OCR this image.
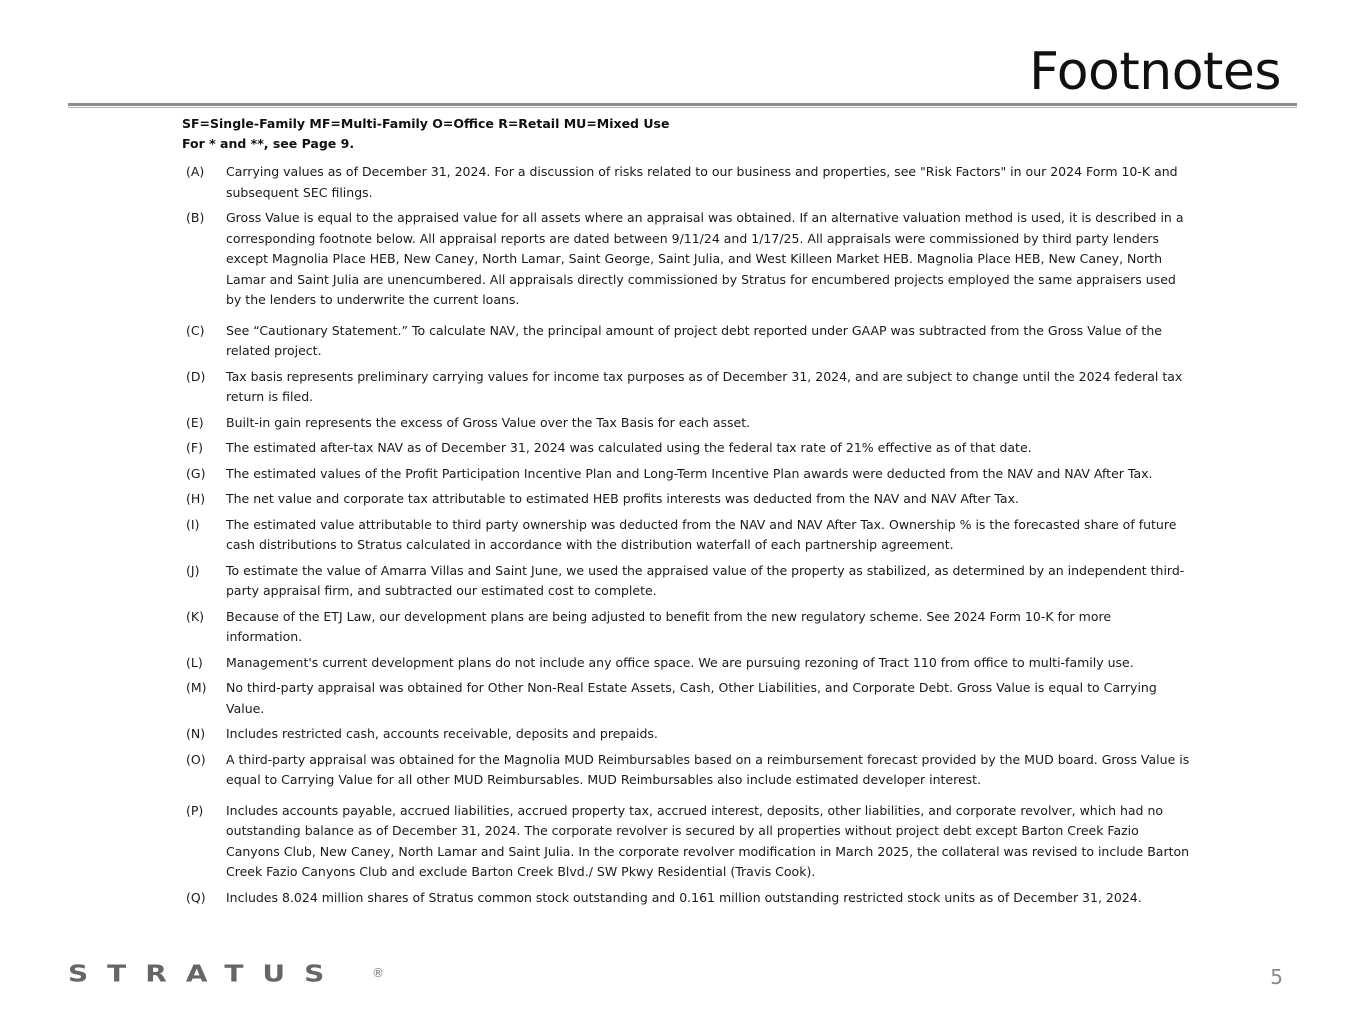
Footnotes
SF=Single-Family MF=Multi-Family O=Office R=Retail MU=Mixed Use
For * and **, see Page 9.
(A)	Carrying values as of December 31, 2024. For a discussion of risks related to our business and properties, see "Risk Factors" in our 2024 Form 10-K and subsequent SEC filings.
(B)	Gross Value is equal to the appraised value for all assets where an appraisal was obtained. If an alternative valuation method is used, it is described in a corresponding footnote below. All appraisal reports are dated between 9/11/24 and 1/17/25. All appraisals were commissioned by third party lenders except Magnolia Place HEB, New Caney, North Lamar, Saint George, Saint Julia, and West Killeen Market HEB. Magnolia Place HEB, New Caney, North Lamar and Saint Julia are unencumbered. All appraisals directly commissioned by Stratus for encumbered projects employed the same appraisers used by the lenders to underwrite the current loans.
(C)	See “Cautionary Statement.” To calculate NAV, the principal amount of project debt reported under GAAP was subtracted from the Gross Value of the related project.
(D)	Tax basis represents preliminary carrying values for income tax purposes as of December 31, 2024, and are subject to change until the 2024 federal tax return is filed.
(E)	Built-in gain represents the excess of Gross Value over the Tax Basis for each asset.
(F)	The estimated after-tax NAV as of December 31, 2024 was calculated using the federal tax rate of 21% effective as of that date.
(G)	The estimated values of the Profit Participation Incentive Plan and Long-Term Incentive Plan awards were deducted from the NAV and NAV After Tax.
(H)	The net value and corporate tax attributable to estimated HEB profits interests was deducted from the NAV and NAV After Tax.
(I)	The estimated value attributable to third party ownership was deducted from the NAV and NAV After Tax. Ownership % is the forecasted share of future cash distributions to Stratus calculated in accordance with the distribution waterfall of each partnership agreement.
(J)	To estimate the value of Amarra Villas and Saint June, we used the appraised value of the property as stabilized, as determined by an independent third-party appraisal firm, and subtracted our estimated cost to complete.
(K)	Because of the ETJ Law, our development plans are being adjusted to benefit from the new regulatory scheme. See 2024 Form 10-K for more information.
(L)	Management's current development plans do not include any office space. We are pursuing rezoning of Tract 110 from office to multi-family use.
(M)	No third-party appraisal was obtained for Other Non-Real Estate Assets, Cash, Other Liabilities, and Corporate Debt. Gross Value is equal to Carrying Value.
(N)	Includes restricted cash, accounts receivable, deposits and prepaids.
(O)	A third-party appraisal was obtained for the Magnolia MUD Reimbursables based on a reimbursement forecast provided by the MUD board. Gross Value is equal to Carrying Value for all other MUD Reimbursables. MUD Reimbursables also include estimated developer interest.
(P)	Includes accounts payable, accrued liabilities, accrued property tax, accrued interest, deposits, other liabilities, and corporate revolver, which had no outstanding balance as of December 31, 2024. The corporate revolver is secured by all properties without project debt except Barton Creek Fazio Canyons Club, New Caney, North Lamar and Saint Julia. In the corporate revolver modification in March 2025, the collateral was revised to include Barton Creek Fazio Canyons Club and exclude Barton Creek Blvd./ SW Pkwy Residential (Travis Cook).
(Q)	Includes 8.024 million shares of Stratus common stock outstanding and 0.161 million outstanding restricted stock units as of December 31, 2024.
STRATUS ®	5
